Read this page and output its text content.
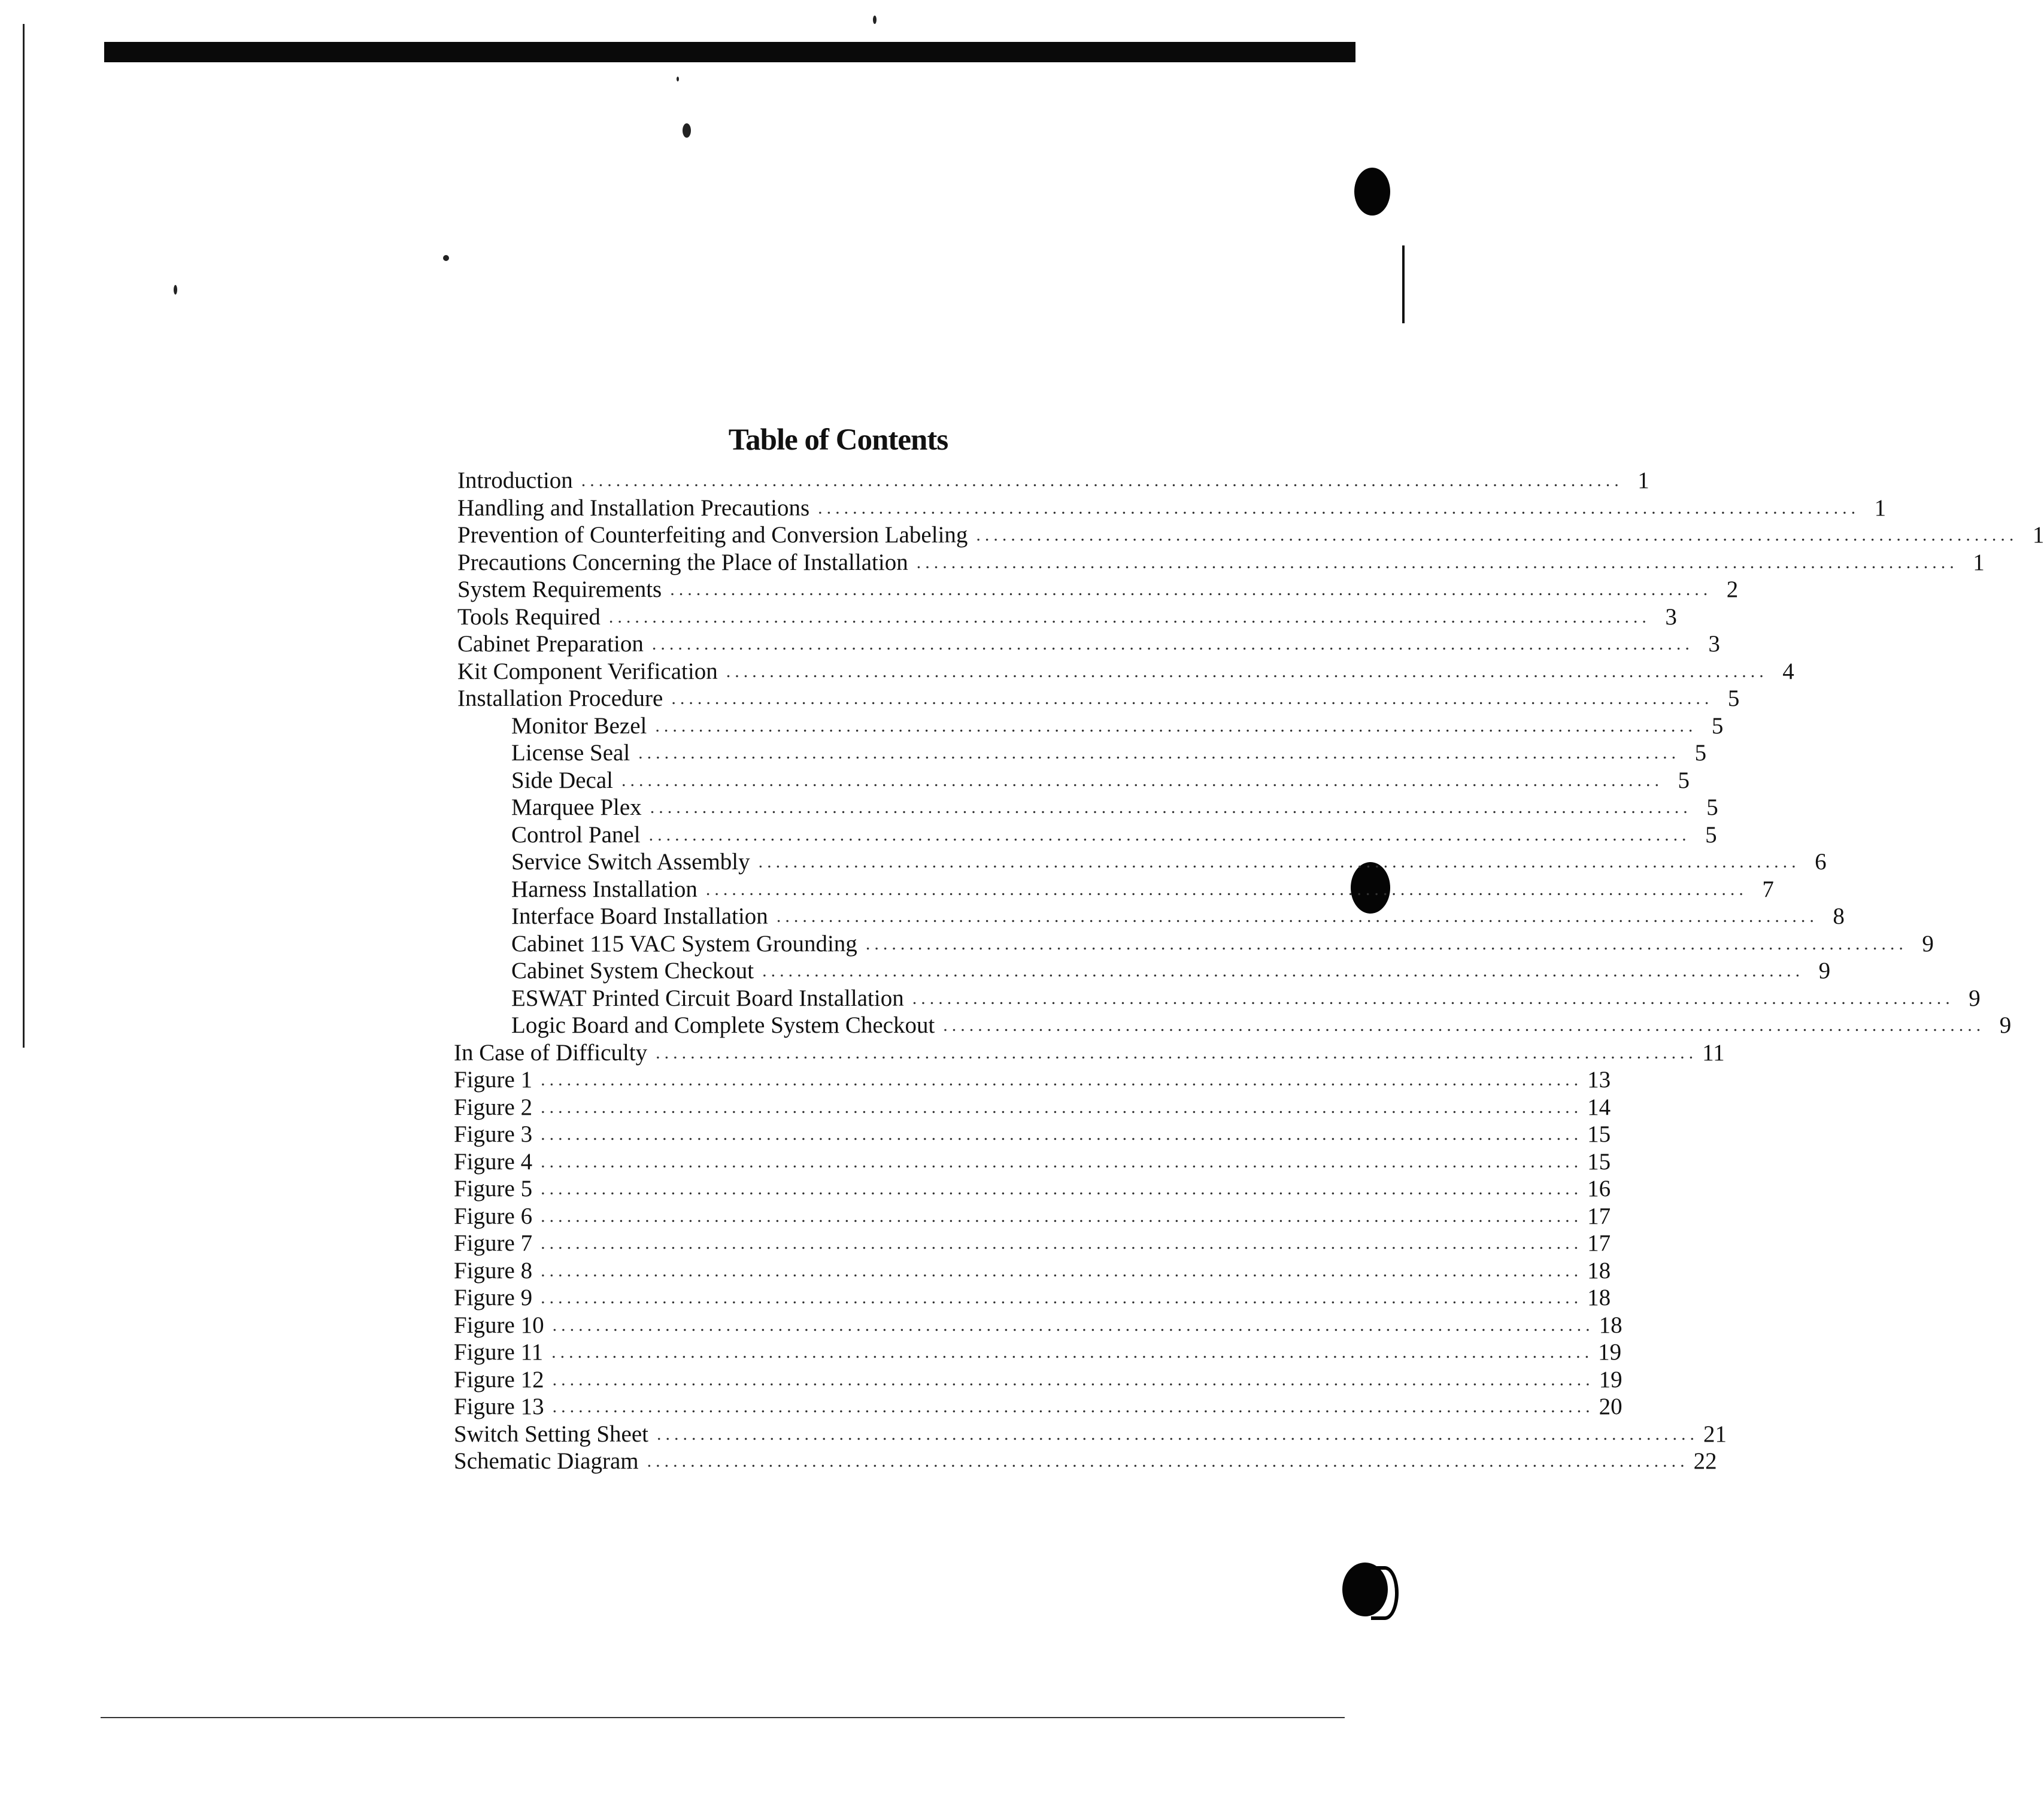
Table of Contents
Introduction ........................................................................................................................ 1
Handling and Installation Precautions ........................................................................................................................ 1
Prevention of Counterfeiting and Conversion Labeling ........................................................................................................................ 1
Precautions Concerning the Place of Installation ........................................................................................................................ 1
System Requirements ........................................................................................................................ 2
Tools Required ........................................................................................................................ 3
Cabinet Preparation ........................................................................................................................ 3
Kit Component Verification ........................................................................................................................ 4
Installation Procedure ........................................................................................................................ 5
Monitor Bezel ........................................................................................................................ 5
License Seal ........................................................................................................................ 5
Side Decal ........................................................................................................................ 5
Marquee Plex ........................................................................................................................ 5
Control Panel ........................................................................................................................ 5
Service Switch Assembly ........................................................................................................................ 6
Harness Installation ........................................................................................................................ 7
Interface Board Installation ........................................................................................................................ 8
Cabinet 115 VAC System Grounding ........................................................................................................................ 9
Cabinet System Checkout ........................................................................................................................ 9
ESWAT Printed Circuit Board Installation ........................................................................................................................ 9
Logic Board and Complete System Checkout ........................................................................................................................ 9
In Case of Difficulty ........................................................................................................................ 11
Figure 1 ........................................................................................................................ 13
Figure 2 ........................................................................................................................ 14
Figure 3 ........................................................................................................................ 15
Figure 4 ........................................................................................................................ 15
Figure 5 ........................................................................................................................ 16
Figure 6 ........................................................................................................................ 17
Figure 7 ........................................................................................................................ 17
Figure 8 ........................................................................................................................ 18
Figure 9 ........................................................................................................................ 18
Figure 10 ........................................................................................................................ 18
Figure 11 ........................................................................................................................ 19
Figure 12 ........................................................................................................................ 19
Figure 13 ........................................................................................................................ 20
Switch Setting Sheet ........................................................................................................................ 21
Schematic Diagram ........................................................................................................................ 22
